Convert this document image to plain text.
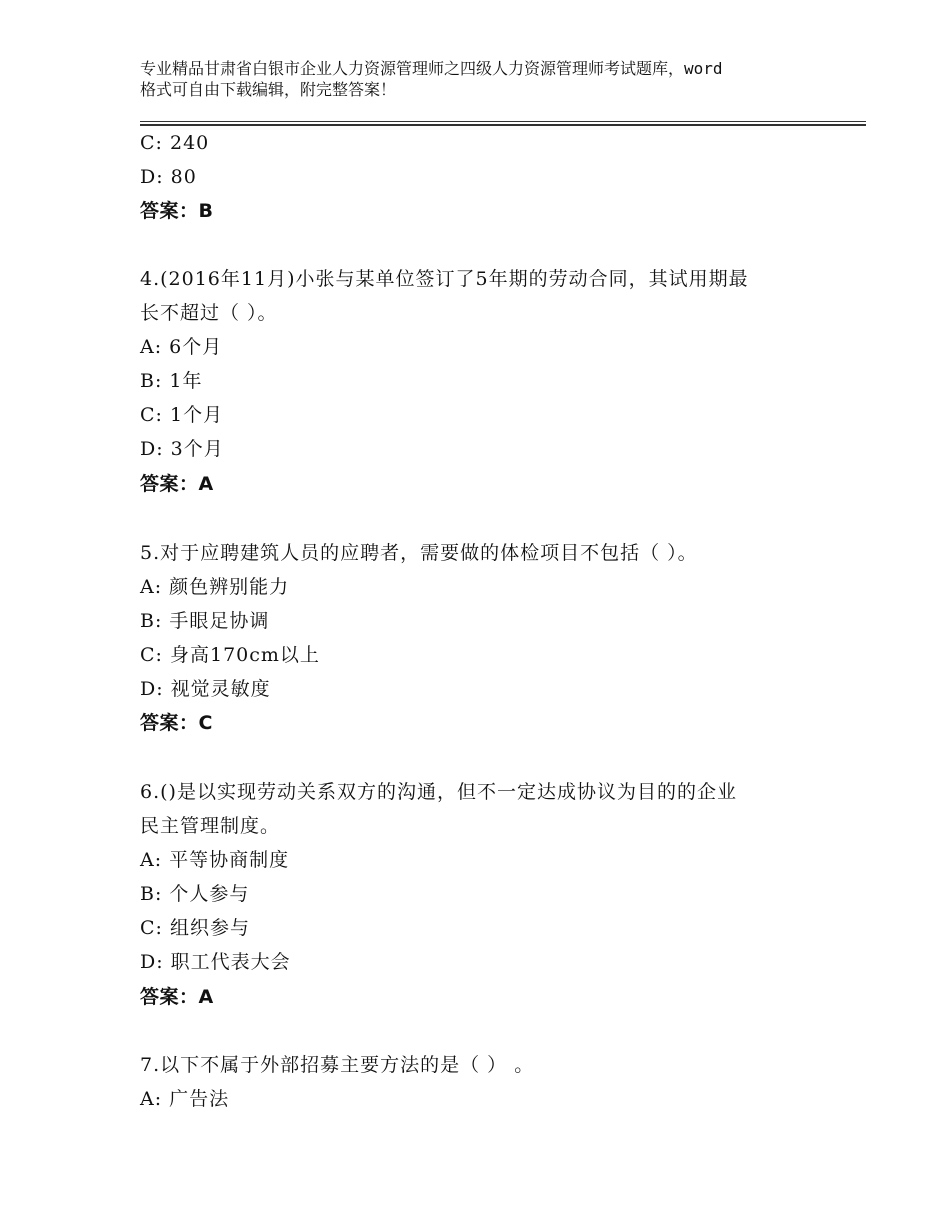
专业精品甘肃省白银市企业人力资源管理师之四级人力资源管理师考试题库，word
格式可自由下载编辑，附完整答案！
C: 240
D: 80
答案：B
4.(2016年11月)小张与某单位签订了5年期的劳动合同，其试用期最
长不超过（ ）。
A: 6个月
B: 1年
C: 1个月
D: 3个月
答案：A
5.对于应聘建筑人员的应聘者，需要做的体检项目不包括（ ）。
A: 颜色辨别能力
B: 手眼足协调
C: 身高170cm以上
D: 视觉灵敏度
答案：C
6.()是以实现劳动关系双方的沟通，但不一定达成协议为目的的企业
民主管理制度。
A: 平等协商制度
B: 个人参与
C: 组织参与
D: 职工代表大会
答案：A
7.以下不属于外部招募主要方法的是（ ） 。
A: 广告法
